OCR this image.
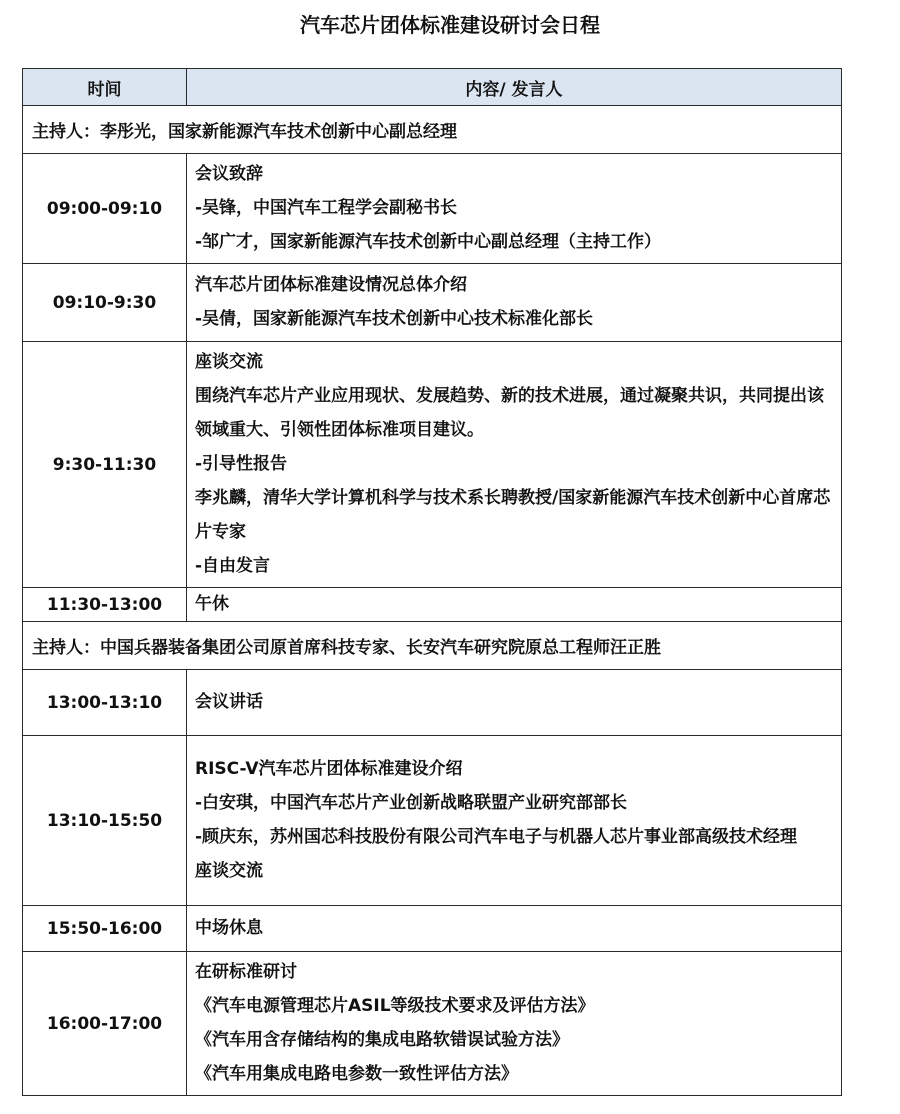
汽车芯片团体标准建设研讨会日程
时间	内容/ 发言人
主持人：李彤光，国家新能源汽车技术创新中心副总经理	
09:00-09:10	会议致辞
-吴锋，中国汽车工程学会副秘书长
-邹广才，国家新能源汽车技术创新中心副总经理（主持工作）

09:10-9:30	汽车芯片团体标准建设情况总体介绍
-吴倩，国家新能源汽车技术创新中心技术标准化部长

9:30-11:30	座谈交流
围绕汽车芯片产业应用现状、发展趋势、新的技术进展，通过凝聚共识，共同提出该领域重大、引领性团体标准项目建议。
-引导性报告
李兆麟，清华大学计算机科学与技术系长聘教授/国家新能源汽车技术创新中心首席芯片专家
-自由发言

11:30-13:00	午休

主持人：中国兵器装备集团公司原首席科技专家、长安汽车研究院原总工程师汪正胜	
13:00-13:10	会议讲话

13:10-15:50	RISC-V汽车芯片团体标准建设介绍
-白安琪，中国汽车芯片产业创新战略联盟产业研究部部长
-顾庆东，苏州国芯科技股份有限公司汽车电子与机器人芯片事业部高级技术经理
座谈交流

15:50-16:00	中场休息

16:00-17:00	在研标准研讨
《汽车电源管理芯片ASIL等级技术要求及评估方法》
《汽车用含存储结构的集成电路软错误试验方法》
《汽车用集成电路电参数一致性评估方法》
